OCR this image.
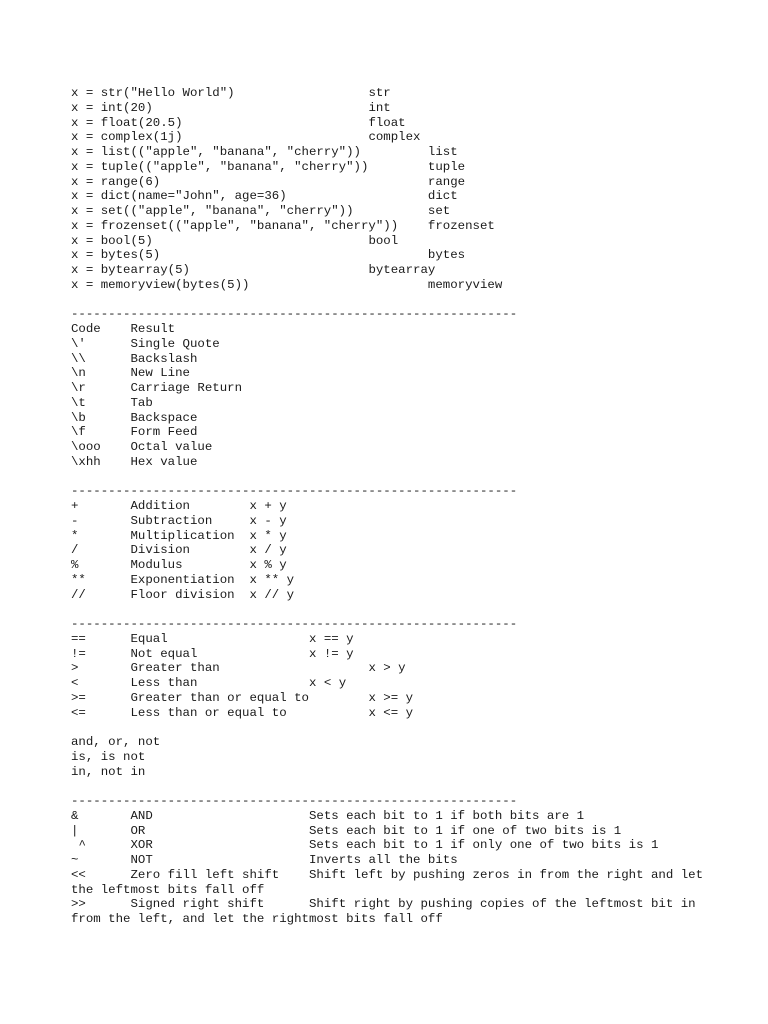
x = str("Hello World")			str
x = int(20)				int
x = float(20.5)				float
x = complex(1j)				complex
x = list(("apple", "banana", "cherry"))		list
x = tuple(("apple", "banana", "cherry"))	tuple
x = range(6)					range
x = dict(name="John", age=36)			dict
x = set(("apple", "banana", "cherry"))		set
x = frozenset(("apple", "banana", "cherry"))	frozenset
x = bool(5)				bool
x = bytes(5)					bytes
x = bytearray(5)			bytearray
x = memoryview(bytes(5))			memoryview
------------------------------------------------------------
Code	Result
\'	Single Quote
\\	Backslash
\n	New Line
\r	Carriage Return
\t	Tab
\b	Backspace
\f	Form Feed
\ooo	Octal value
\xhh	Hex value
------------------------------------------------------------
+	Addition	x + y
-	Subtraction	x - y
*	Multiplication	x * y
/	Division	x / y
%	Modulus		x % y
**	Exponentiation	x ** y
//	Floor division	x // y
------------------------------------------------------------
==	Equal			x == y
!=	Not equal		x != y
>	Greater than			x > y
<	Less than		x < y
>=	Greater than or equal to	x >= y
<=	Less than or equal to		x <= y
and, or, not
is, is not
in, not in
------------------------------------------------------------
&	AND			Sets each bit to 1 if both bits are 1
|	OR			Sets each bit to 1 if one of two bits is 1
^	XOR			Sets each bit to 1 if only one of two bits is 1
~	NOT			Inverts all the bits
<<	Zero fill left shift	Shift left by pushing zeros in from the right and let the leftmost bits fall off
>>	Signed right shift	Shift right by pushing copies of the leftmost bit in from the left, and let the rightmost bits fall off
